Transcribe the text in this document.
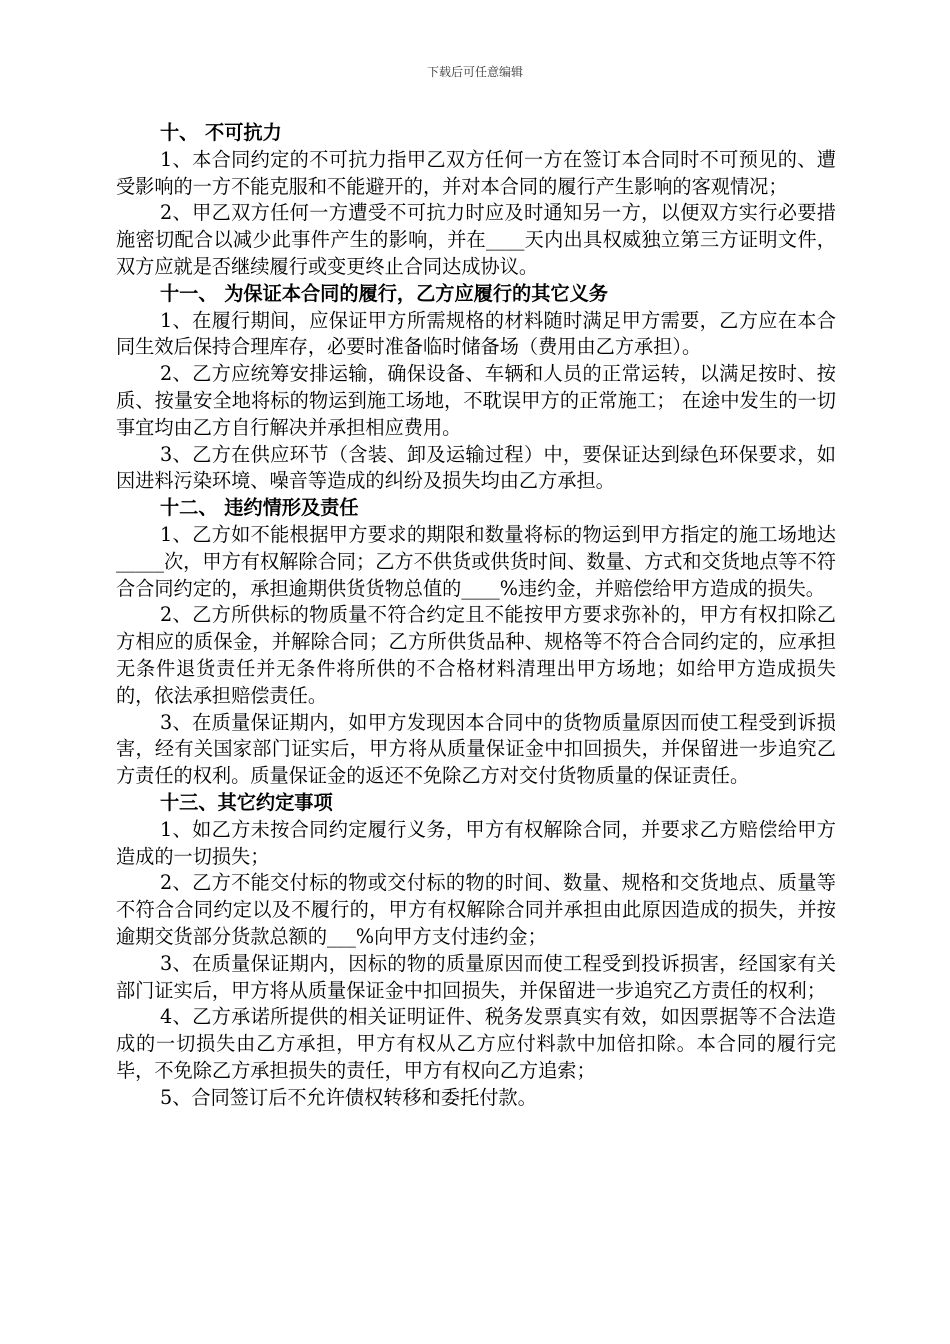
下载后可任意编辑

十、 不可抗力

1、本合同约定的不可抗力指甲乙双方任何一方在签订本合同时不可预见的、遭受影响的一方不能克服和不能避开的，并对本合同的履行产生影响的客观情况；

2、甲乙双方任何一方遭受不可抗力时应及时通知另一方，以便双方实行必要措施密切配合以减少此事件产生的影响，并在____天内出具权威独立第三方证明文件，双方应就是否继续履行或变更终止合同达成协议。

十一、 为保证本合同的履行，乙方应履行的其它义务

1、在履行期间，应保证甲方所需规格的材料随时满足甲方需要，乙方应在本合同生效后保持合理库存，必要时准备临时储备场（费用由乙方承担）。

2、乙方应统筹安排运输，确保设备、车辆和人员的正常运转，以满足按时、按质、按量安全地将标的物运到施工场地，不耽误甲方的正常施工； 在途中发生的一切事宜均由乙方自行解决并承担相应费用。

3、乙方在供应环节（含装、卸及运输过程）中，要保证达到绿色环保要求，如因进料污染环境、噪音等造成的纠纷及损失均由乙方承担。

十二、 违约情形及责任

1、乙方如不能根据甲方要求的期限和数量将标的物运到甲方指定的施工场地达 _____次，甲方有权解除合同；乙方不供货或供货时间、数量、方式和交货地点等不符合合同约定的，承担逾期供货货物总值的____%违约金，并赔偿给甲方造成的损失。

2、乙方所供标的物质量不符合约定且不能按甲方要求弥补的，甲方有权扣除乙方相应的质保金，并解除合同；乙方所供货品种、规格等不符合合同约定的，应承担无条件退货责任并无条件将所供的不合格材料清理出甲方场地；如给甲方造成损失的，依法承担赔偿责任。

3、在质量保证期内，如甲方发现因本合同中的货物质量原因而使工程受到诉损害，经有关国家部门证实后，甲方将从质量保证金中扣回损失，并保留进一步追究乙方责任的权利。质量保证金的返还不免除乙方对交付货物质量的保证责任。

十三、其它约定事项

1、如乙方未按合同约定履行义务，甲方有权解除合同，并要求乙方赔偿给甲方造成的一切损失；

2、乙方不能交付标的物或交付标的物的时间、数量、规格和交货地点、质量等不符合合同约定以及不履行的，甲方有权解除合同并承担由此原因造成的损失，并按逾期交货部分货款总额的___%向甲方支付违约金；

3、在质量保证期内，因标的物的质量原因而使工程受到投诉损害，经国家有关部门证实后，甲方将从质量保证金中扣回损失，并保留进一步追究乙方责任的权利；

4、乙方承诺所提供的相关证明证件、税务发票真实有效，如因票据等不合法造成的一切损失由乙方承担，甲方有权从乙方应付料款中加倍扣除。本合同的履行完毕，不免除乙方承担损失的责任，甲方有权向乙方追索；

5、合同签订后不允许债权转移和委托付款。
